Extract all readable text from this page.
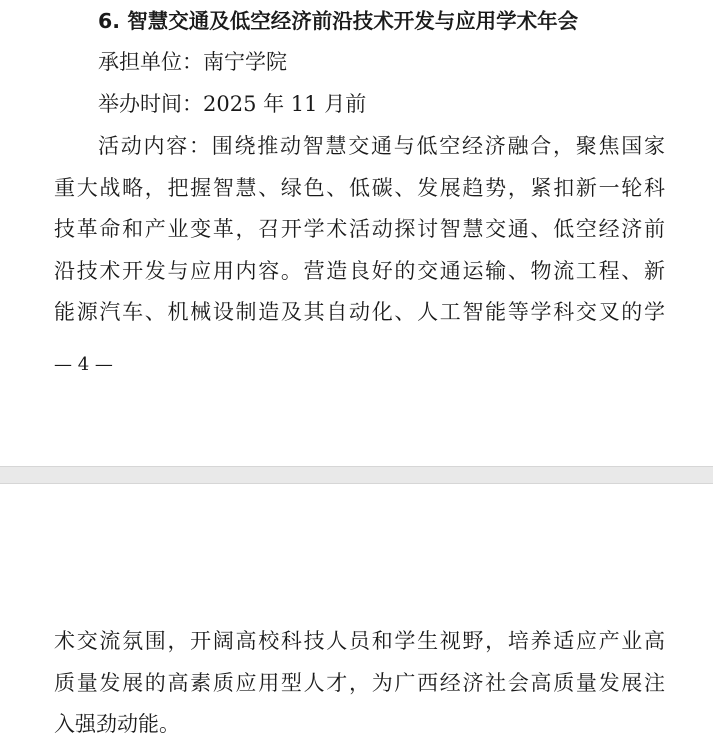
6. 智慧交通及低空经济前沿技术开发与应用学术年会
承担单位：南宁学院
举办时间：2025 年 11 月前
活动内容：围绕推动智慧交通与低空经济融合，聚焦国家
重大战略，把握智慧、绿色、低碳、发展趋势，紧扣新一轮科
技革命和产业变革，召开学术活动探讨智慧交通、低空经济前
沿技术开发与应用内容。营造良好的交通运输、物流工程、新
能源汽车、机械设制造及其自动化、人工智能等学科交叉的学
— 4 —
术交流氛围，开阔高校科技人员和学生视野，培养适应产业高
质量发展的高素质应用型人才，为广西经济社会高质量发展注
入强劲动能。
